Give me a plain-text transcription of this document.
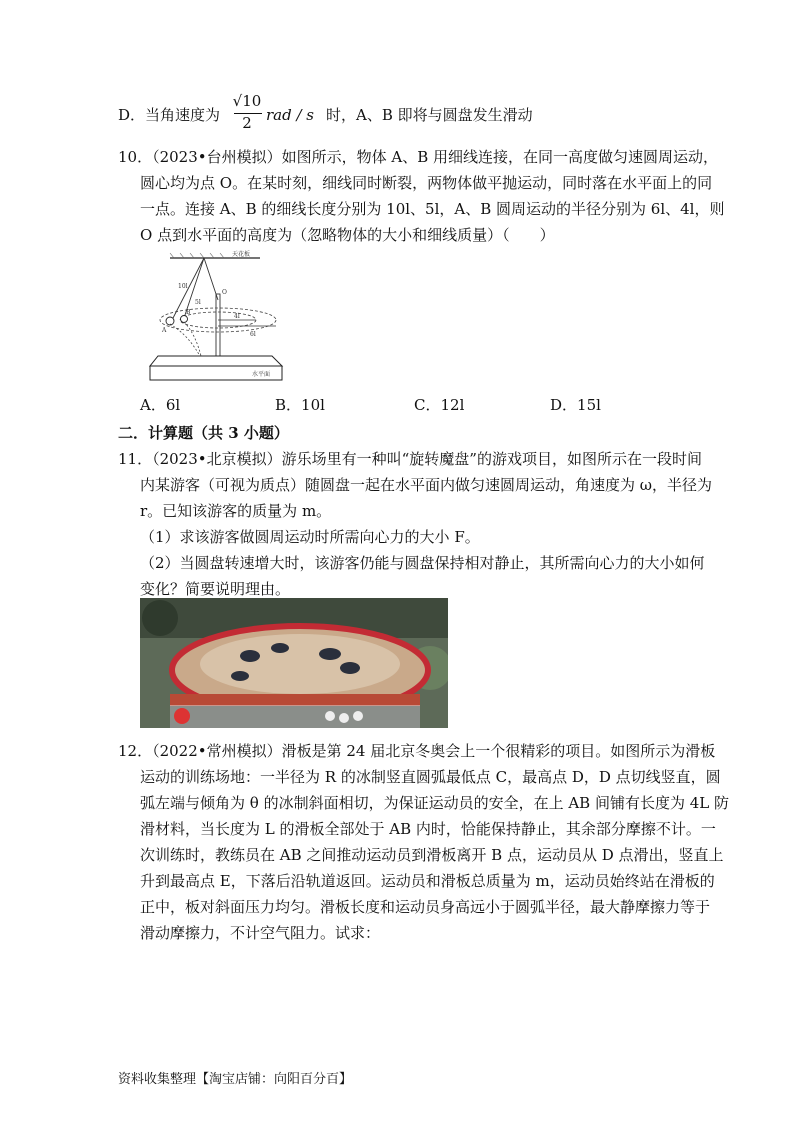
D．当角速度为
√10
2 rad / s 时，A、B 即将与圆盘发生滑动
10．（2023•台州模拟）如图所示，物体 A、B 用细线连接，在同一高度做匀速圆周运动，
圆心均为点 O。在某时刻，细线同时断裂，两物体做平抛运动，同时落在水平面上的同
一点。连接 A、B 的细线长度分别为 10l、5l，A、B 圆周运动的半径分别为 6l、4l，则
O 点到水平面的高度为（忽略物体的大小和细线质量）（　　）
天花板
10l
5l
O
4l
6l
A
B
水平面
A．6l	B．10l	C．12l	D．15l
二．计算题（共 3 小题）
11．（2023•北京模拟）游乐场里有一种叫“旋转魔盘”的游戏项目，如图所示在一段时间
内某游客（可视为质点）随圆盘一起在水平面内做匀速圆周运动，角速度为 ω，半径为
r。已知该游客的质量为 m。
（1）求该游客做圆周运动时所需向心力的大小 F。
（2）当圆盘转速增大时，该游客仍能与圆盘保持相对静止，其所需向心力的大小如何
变化？简要说明理由。
12．（2022•常州模拟）滑板是第 24 届北京冬奥会上一个很精彩的项目。如图所示为滑板
运动的训练场地：一半径为 R 的冰制竖直圆弧最低点 C，最高点 D，D 点切线竖直，圆
弧左端与倾角为 θ 的冰制斜面相切，为保证运动员的安全，在上 AB 间铺有长度为 4L 防
滑材料，当长度为 L 的滑板全部处于 AB 内时，恰能保持静止，其余部分摩擦不计。一
次训练时，教练员在 AB 之间推动运动员到滑板离开 B 点，运动员从 D 点滑出，竖直上
升到最高点 E，下落后沿轨道返回。运动员和滑板总质量为 m，运动员始终站在滑板的
正中，板对斜面压力均匀。滑板长度和运动员身高远小于圆弧半径，最大静摩擦力等于
滑动摩擦力，不计空气阻力。试求：
资料收集整理【淘宝店铺：向阳百分百】
